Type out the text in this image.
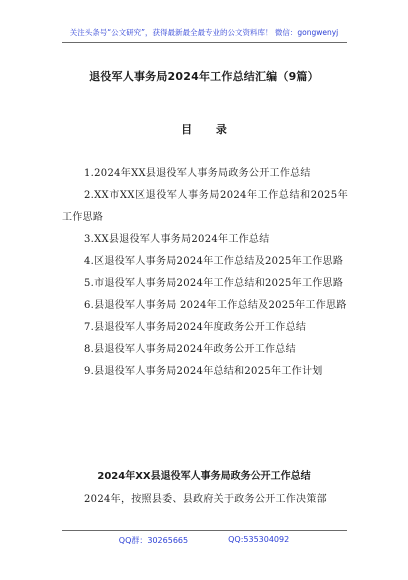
关注头条号“公文研究”，获得最新最全最专业的公文资料库！ 微信：gongwenyj
退役军人事务局2024年工作总结汇编（9篇）
目 录
1.2024年XX县退役军人事务局政务公开工作总结
2.XX市XX区退役军人事务局2024年工作总结和2025年工作思路
3.XX县退役军人事务局2024年工作总结
4.区退役军人事务局2024年工作总结及2025年工作思路
5.市退役军人事务局2024年工作总结和2025年工作思路
6.县退役军人事务局 2024年工作总结及2025年工作思路
7.县退役军人事务局2024年度政务公开工作总结
8.县退役军人事务局2024年政务公开工作总结
9.县退役军人事务局2024年总结和2025年工作计划
2024年XX县退役军人事务局政务公开工作总结
2024年，按照县委、县政府关于政务公开工作决策部
QQ群：30265665	QQ:535304092
